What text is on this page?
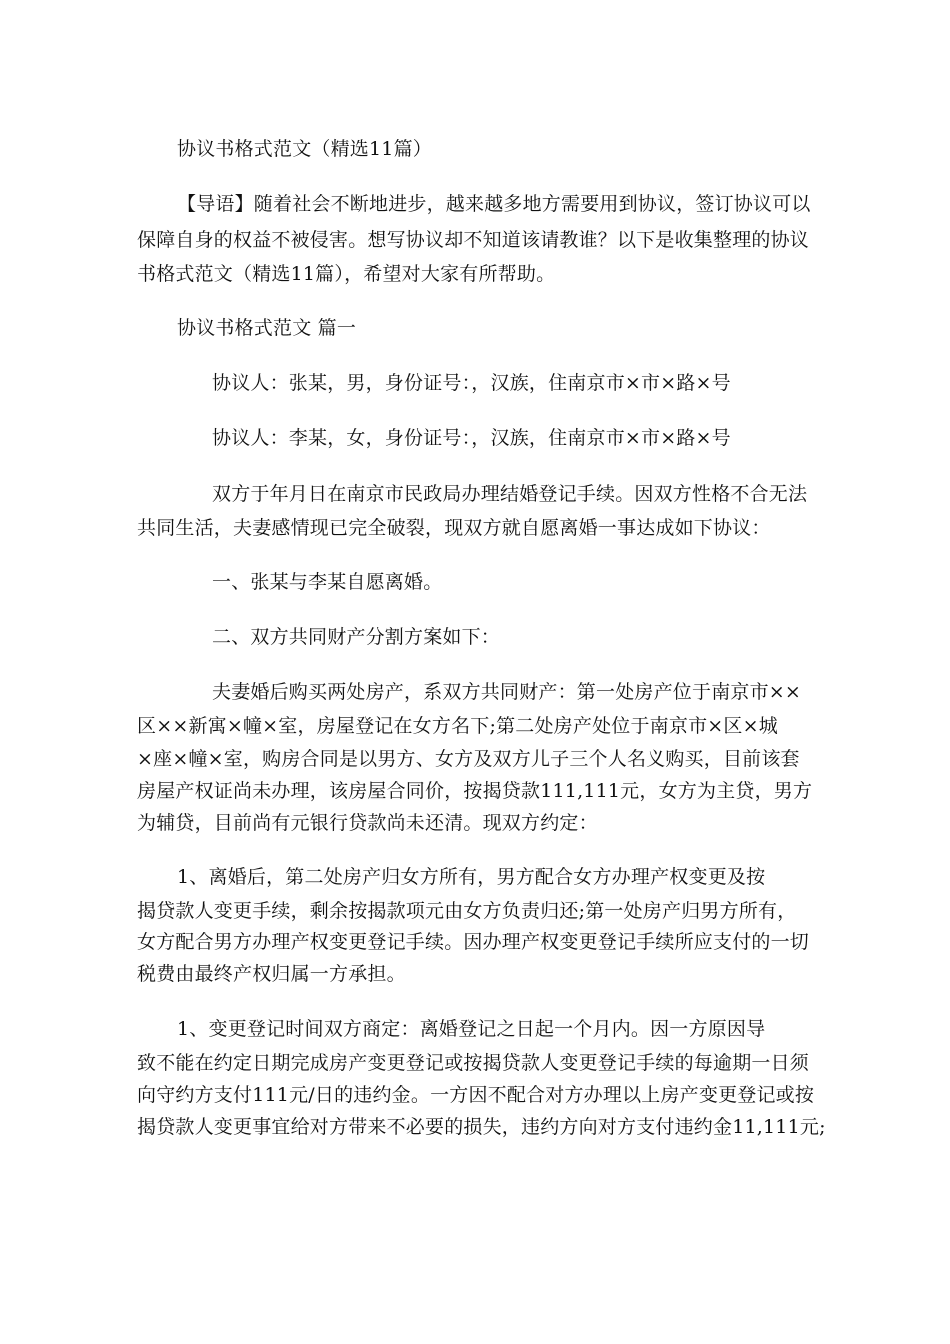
协议书格式范文（精选11篇）
【导语】随着社会不断地进步，越来越多地方需要用到协议，签订协议可以
保障自身的权益不被侵害。想写协议却不知道该请教谁？以下是收集整理的协议
书格式范文（精选11篇），希望对大家有所帮助。
协议书格式范文 篇一
协议人：张某，男，身份证号：，汉族，住南京市×市×路×号
协议人：李某，女，身份证号：，汉族，住南京市×市×路×号
双方于年月日在南京市民政局办理结婚登记手续。因双方性格不合无法
共同生活，夫妻感情现已完全破裂，现双方就自愿离婚一事达成如下协议：
一、张某与李某自愿离婚。
二、双方共同财产分割方案如下：
夫妻婚后购买两处房产，系双方共同财产：第一处房产位于南京市××
区××新寓×幢×室，房屋登记在女方名下;第二处房产处位于南京市×区×城
×座×幢×室，购房合同是以男方、女方及双方儿子三个人名义购买，目前该套
房屋产权证尚未办理，该房屋合同价，按揭贷款111,111元，女方为主贷，男方
为辅贷，目前尚有元银行贷款尚未还清。现双方约定：
1、离婚后，第二处房产归女方所有，男方配合女方办理产权变更及按
揭贷款人变更手续，剩余按揭款项元由女方负责归还;第一处房产归男方所有，
女方配合男方办理产权变更登记手续。因办理产权变更登记手续所应支付的一切
税费由最终产权归属一方承担。
1、变更登记时间双方商定：离婚登记之日起一个月内。因一方原因导
致不能在约定日期完成房产变更登记或按揭贷款人变更登记手续的每逾期一日须
向守约方支付111元/日的违约金。一方因不配合对方办理以上房产变更登记或按
揭贷款人变更事宜给对方带来不必要的损失，违约方向对方支付违约金11,111元;
